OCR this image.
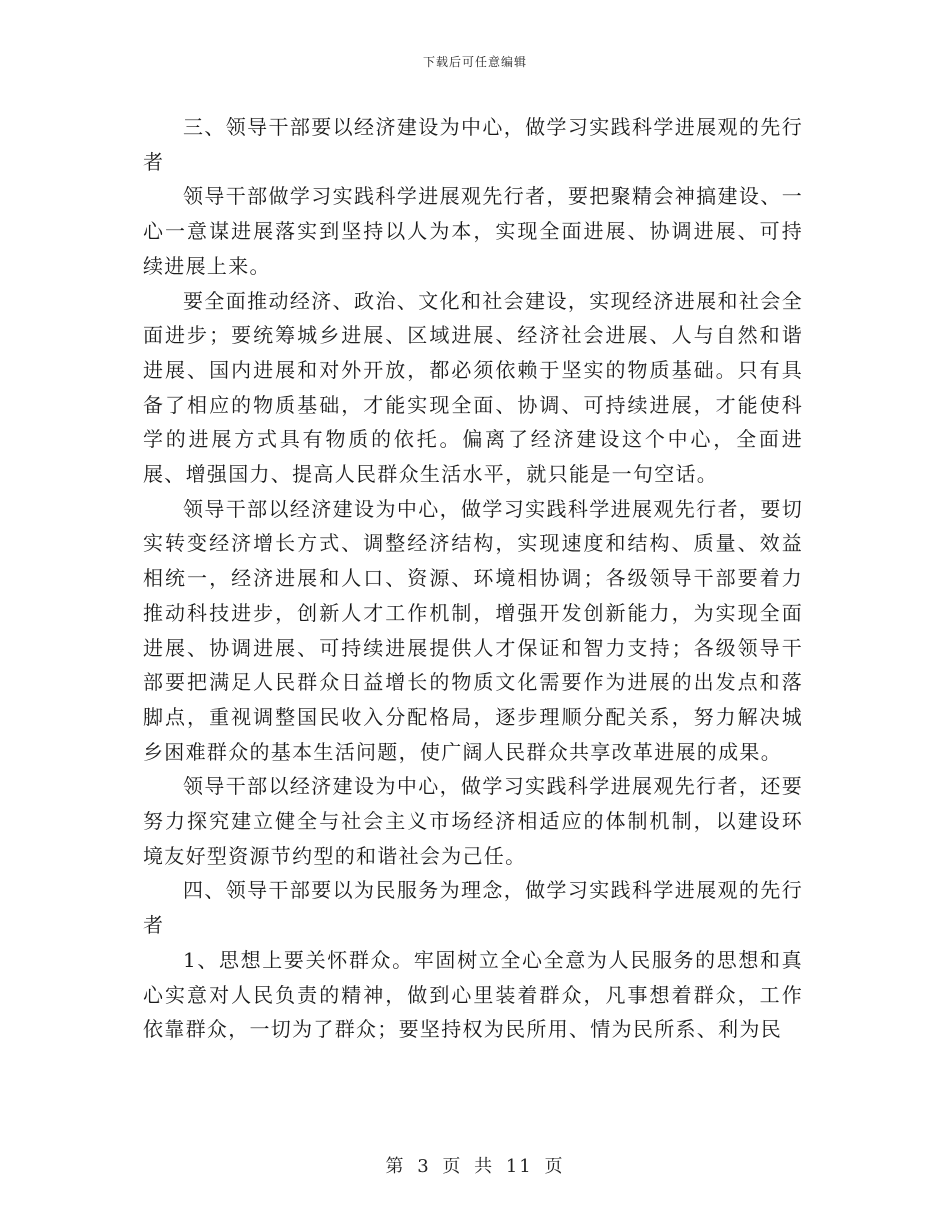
下载后可任意编辑

三、领导干部要以经济建设为中心，做学习实践科学进展观的先行者

领导干部做学习实践科学进展观先行者，要把聚精会神搞建设、一心一意谋进展落实到坚持以人为本，实现全面进展、协调进展、可持续进展上来。

要全面推动经济、政治、文化和社会建设，实现经济进展和社会全面进步；要统筹城乡进展、区域进展、经济社会进展、人与自然和谐进展、国内进展和对外开放，都必须依赖于坚实的物质基础。只有具备了相应的物质基础，才能实现全面、协调、可持续进展，才能使科学的进展方式具有物质的依托。偏离了经济建设这个中心，全面进展、增强国力、提高人民群众生活水平，就只能是一句空话。

领导干部以经济建设为中心，做学习实践科学进展观先行者，要切实转变经济增长方式、调整经济结构，实现速度和结构、质量、效益相统一，经济进展和人口、资源、环境相协调；各级领导干部要着力推动科技进步，创新人才工作机制，增强开发创新能力，为实现全面进展、协调进展、可持续进展提供人才保证和智力支持；各级领导干部要把满足人民群众日益增长的物质文化需要作为进展的出发点和落脚点，重视调整国民收入分配格局，逐步理顺分配关系，努力解决城乡困难群众的基本生活问题，使广阔人民群众共享改革进展的成果。

领导干部以经济建设为中心，做学习实践科学进展观先行者，还要努力探究建立健全与社会主义市场经济相适应的体制机制，以建设环境友好型资源节约型的和谐社会为己任。

四、领导干部要以为民服务为理念，做学习实践科学进展观的先行者

1、思想上要关怀群众。牢固树立全心全意为人民服务的思想和真心实意对人民负责的精神，做到心里装着群众，凡事想着群众，工作依靠群众，一切为了群众；要坚持权为民所用、情为民所系、利为民

第 3 页 共 11 页
